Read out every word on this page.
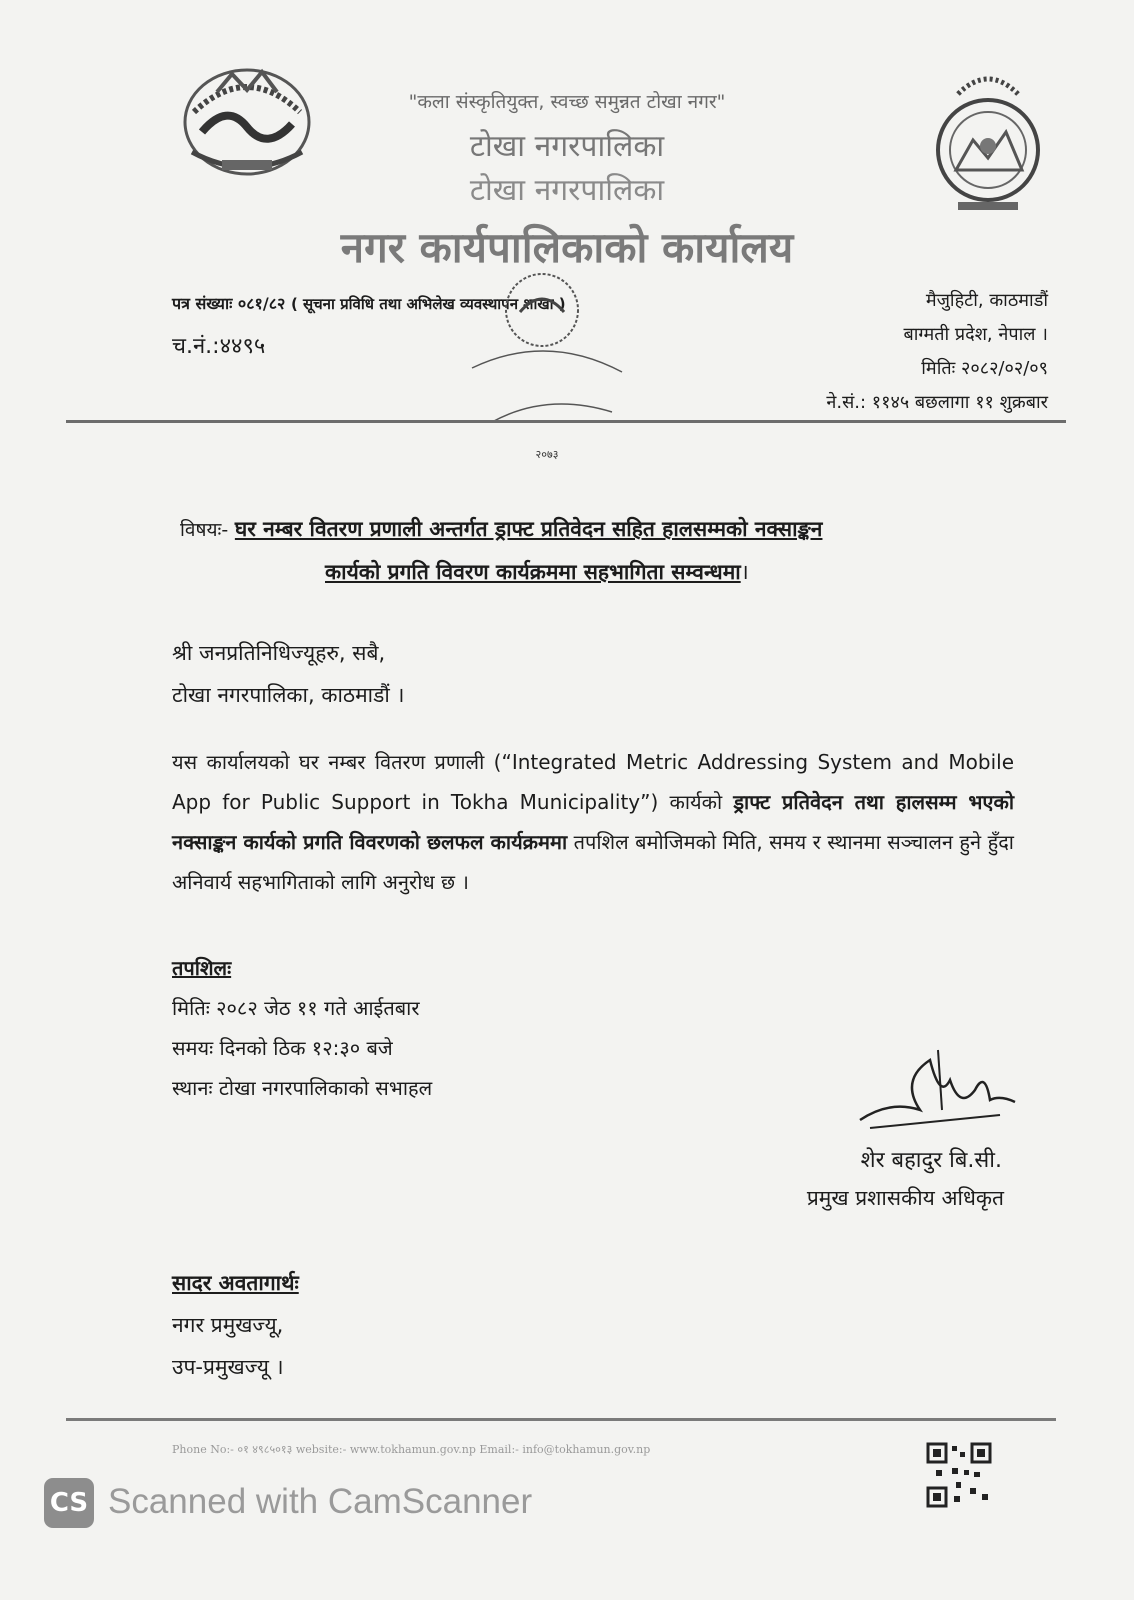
"कला संस्कृतियुक्त, स्वच्छ समुन्नत टोखा नगर"
टोखा नगरपालिका
टोखा नगरपालिका
नगर कार्यपालिकाको कार्यालय
पत्र संख्याः ०८१/८२ ( सूचना प्रविधि तथा अभिलेख व्यवस्थापन शाखा )
च.नं.:४४९५
२०७३
मैजुहिटी, काठमाडौं
बाग्मती प्रदेश, नेपाल ।
मितिः २०८२/०२/०९
ने.सं.: ११४५ बछलागा ११ शुक्रबार
विषयः- घर नम्बर वितरण प्रणाली अन्तर्गत ड्राफ्ट प्रतिवेदन सहित हालसम्मको नक्साङ्कन
कार्यको प्रगति विवरण कार्यक्रममा सहभागिता सम्वन्धमा।
श्री जनप्रतिनिधिज्यूहरु, सबै,
टोखा नगरपालिका, काठमाडौं ।
यस कार्यालयको घर नम्बर वितरण प्रणाली (“Integrated Metric Addressing System and Mobile App for Public Support in Tokha Municipality”) कार्यको ड्राफ्ट प्रतिवेदन तथा हालसम्म भएको नक्साङ्कन कार्यको प्रगति विवरणको छलफल कार्यक्रममा तपशिल बमोजिमको मिति, समय र स्थानमा सञ्चालन हुने हुँदा अनिवार्य सहभागिताको लागि अनुरोध छ ।
तपशिलः
मितिः २०८२ जेठ ११ गते आईतबार
समयः दिनको ठिक १२:३० बजे
स्थानः टोखा नगरपालिकाको सभाहल
शेर बहादुर बि.सी.
प्रमुख प्रशासकीय अधिकृत
सादर अवतागार्थः
नगर प्रमुखज्यू,
उप-प्रमुखज्यू ।
Phone No:- ०१ ४९८५०१३ website:- www.tokhamun.gov.np Email:- info@tokhamun.gov.np
CS Scanned with CamScanner
